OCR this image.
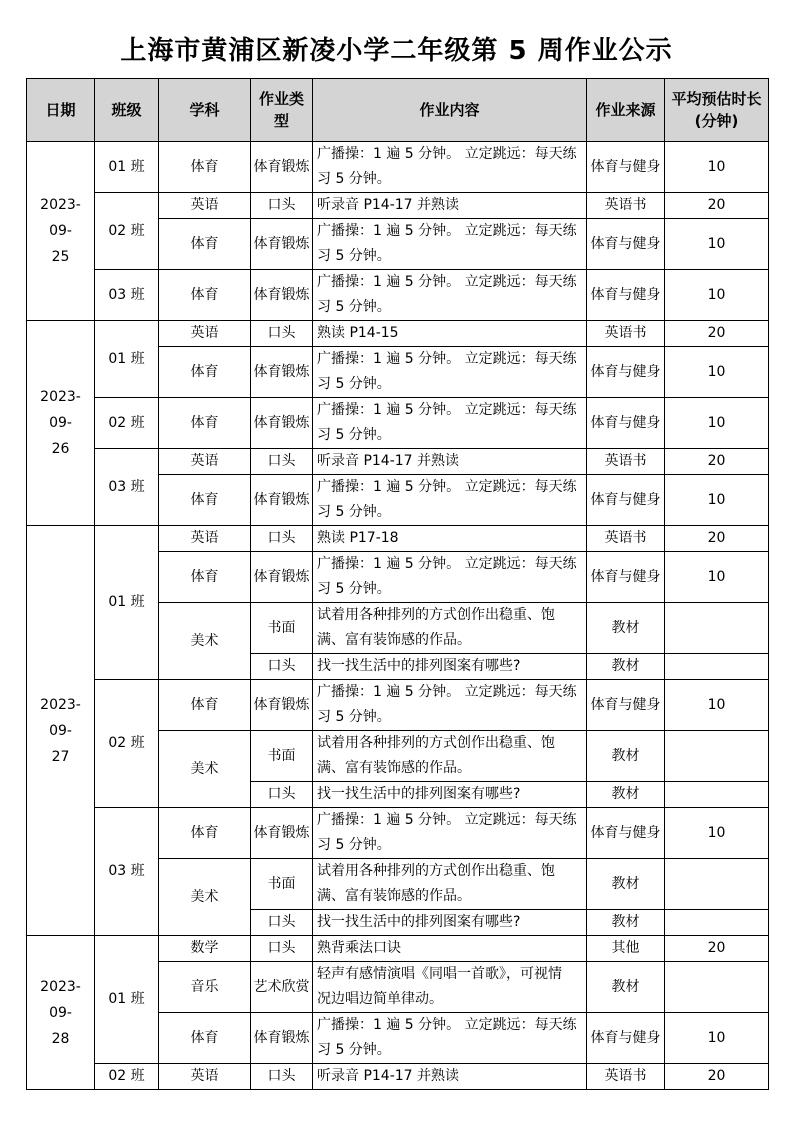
上海市黄浦区新凌小学二年级第 5 周作业公示
日期	班级	学科	作业类型	作业内容	作业来源	平均预估时长(分钟)
2023-09-
25	01 班	体育	体育锻炼	广播操：1 遍 5 分钟。 立定跳远：每天练
习 5 分钟。	体育与健身	10
	02 班	英语	口头	听录音 P14-17 并熟读	英语书	20
		体育	体育锻炼	广播操：1 遍 5 分钟。 立定跳远：每天练
习 5 分钟。	体育与健身	10
	03 班	体育	体育锻炼	广播操：1 遍 5 分钟。 立定跳远：每天练
习 5 分钟。	体育与健身	10

2023-09-
26	01 班	英语	口头	熟读 P14-15	英语书	20
		体育	体育锻炼	广播操：1 遍 5 分钟。 立定跳远：每天练
习 5 分钟。	体育与健身	10
	02 班	体育	体育锻炼	广播操：1 遍 5 分钟。 立定跳远：每天练
习 5 分钟。	体育与健身	10
	03 班	英语	口头	听录音 P14-17 并熟读	英语书	20
		体育	体育锻炼	广播操：1 遍 5 分钟。 立定跳远：每天练
习 5 分钟。	体育与健身	10

2023-09-
27	01 班	英语	口头	熟读 P17-18	英语书	20
		体育	体育锻炼	广播操：1 遍 5 分钟。 立定跳远：每天练
习 5 分钟。	体育与健身	10

		美术	书面	试着用各种排列的方式创作出稳重、饱
满、富有装饰感的作品。	教材	

			口头	找一找生活中的排列图案有哪些?	教材	
	02 班	体育	体育锻炼	广播操：1 遍 5 分钟。 立定跳远：每天练
习 5 分钟。	体育与健身	10

		美术	书面	试着用各种排列的方式创作出稳重、饱
满、富有装饰感的作品。	教材	

			口头	找一找生活中的排列图案有哪些?	教材	
	03 班	体育	体育锻炼	广播操：1 遍 5 分钟。 立定跳远：每天练
习 5 分钟。	体育与健身	10

		美术	书面	试着用各种排列的方式创作出稳重、饱
满、富有装饰感的作品。	教材	

			口头	找一找生活中的排列图案有哪些?	教材	
2023-09-
28	01 班	数学	口头	熟背乘法口诀	其他	20
		音乐	艺术欣赏	轻声有感情演唱《同唱一首歌》，可视情
况边唱边简单律动。	教材	

		体育	体育锻炼	广播操：1 遍 5 分钟。 立定跳远：每天练
习 5 分钟。	体育与健身	10

	02 班	英语	口头	听录音 P14-17 并熟读	英语书	20
